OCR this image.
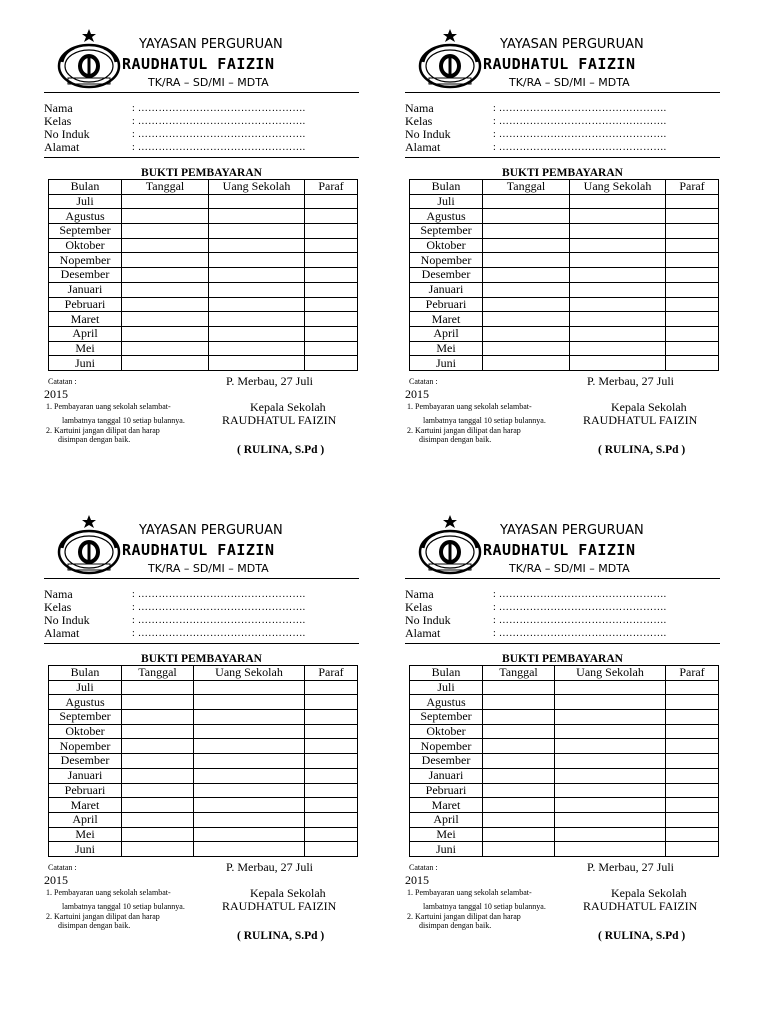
YAYASAN PERGURUAN
RAUDHATUL FAIZIN
TK/RA – SD/MI – MDTA
Nama	: ………………………………………….
Kelas	: ………………………………………….
No Induk	: ………………………………………….
Alamat	: ………………………………………….
BUKTI PEMBAYARAN
Bulan	Tanggal	Uang Sekolah	Paraf
Juli			
Agustus			
September			
Oktober			
Nopember			
Desember			
Januari			
Pebruari			
Maret			
April			
Mei			
Juni			
Catatan :	P. Merbau, 27 Juli
2015
1. Pembayaran uang sekolah selambat-
lambatnya tanggal 10 setiap bulannya.
2. Kartuini jangan dilipat dan harap
disimpan dengan baik.
Kepala Sekolah
RAUDHATUL FAIZIN
( RULINA, S.Pd )
YAYASAN PERGURUAN
RAUDHATUL FAIZIN
TK/RA – SD/MI – MDTA
Nama	: ………………………………………….
Kelas	: ………………………………………….
No Induk	: ………………………………………….
Alamat	: ………………………………………….
BUKTI PEMBAYARAN
Bulan	Tanggal	Uang Sekolah	Paraf
Juli			
Agustus			
September			
Oktober			
Nopember			
Desember			
Januari			
Pebruari			
Maret			
April			
Mei			
Juni			
Catatan :	P. Merbau, 27 Juli
2015
1. Pembayaran uang sekolah selambat-
lambatnya tanggal 10 setiap bulannya.
2. Kartuini jangan dilipat dan harap
disimpan dengan baik.
Kepala Sekolah
RAUDHATUL FAIZIN
( RULINA, S.Pd )
YAYASAN PERGURUAN
RAUDHATUL FAIZIN
TK/RA – SD/MI – MDTA
Nama	: ………………………………………….
Kelas	: ………………………………………….
No Induk	: ………………………………………….
Alamat	: ………………………………………….
BUKTI PEMBAYARAN
Bulan	Tanggal	Uang Sekolah	Paraf
Juli			
Agustus			
September			
Oktober			
Nopember			
Desember			
Januari			
Pebruari			
Maret			
April			
Mei			
Juni			
Catatan :	P. Merbau, 27 Juli
2015
1. Pembayaran uang sekolah selambat-
lambatnya tanggal 10 setiap bulannya.
2. Kartuini jangan dilipat dan harap
disimpan dengan baik.
Kepala Sekolah
RAUDHATUL FAIZIN
( RULINA, S.Pd )
YAYASAN PERGURUAN
RAUDHATUL FAIZIN
TK/RA – SD/MI – MDTA
Nama	: ………………………………………….
Kelas	: ………………………………………….
No Induk	: ………………………………………….
Alamat	: ………………………………………….
BUKTI PEMBAYARAN
Bulan	Tanggal	Uang Sekolah	Paraf
Juli			
Agustus			
September			
Oktober			
Nopember			
Desember			
Januari			
Pebruari			
Maret			
April			
Mei			
Juni			
Catatan :	P. Merbau, 27 Juli
2015
1. Pembayaran uang sekolah selambat-
lambatnya tanggal 10 setiap bulannya.
2. Kartuini jangan dilipat dan harap
disimpan dengan baik.
Kepala Sekolah
RAUDHATUL FAIZIN
( RULINA, S.Pd )
